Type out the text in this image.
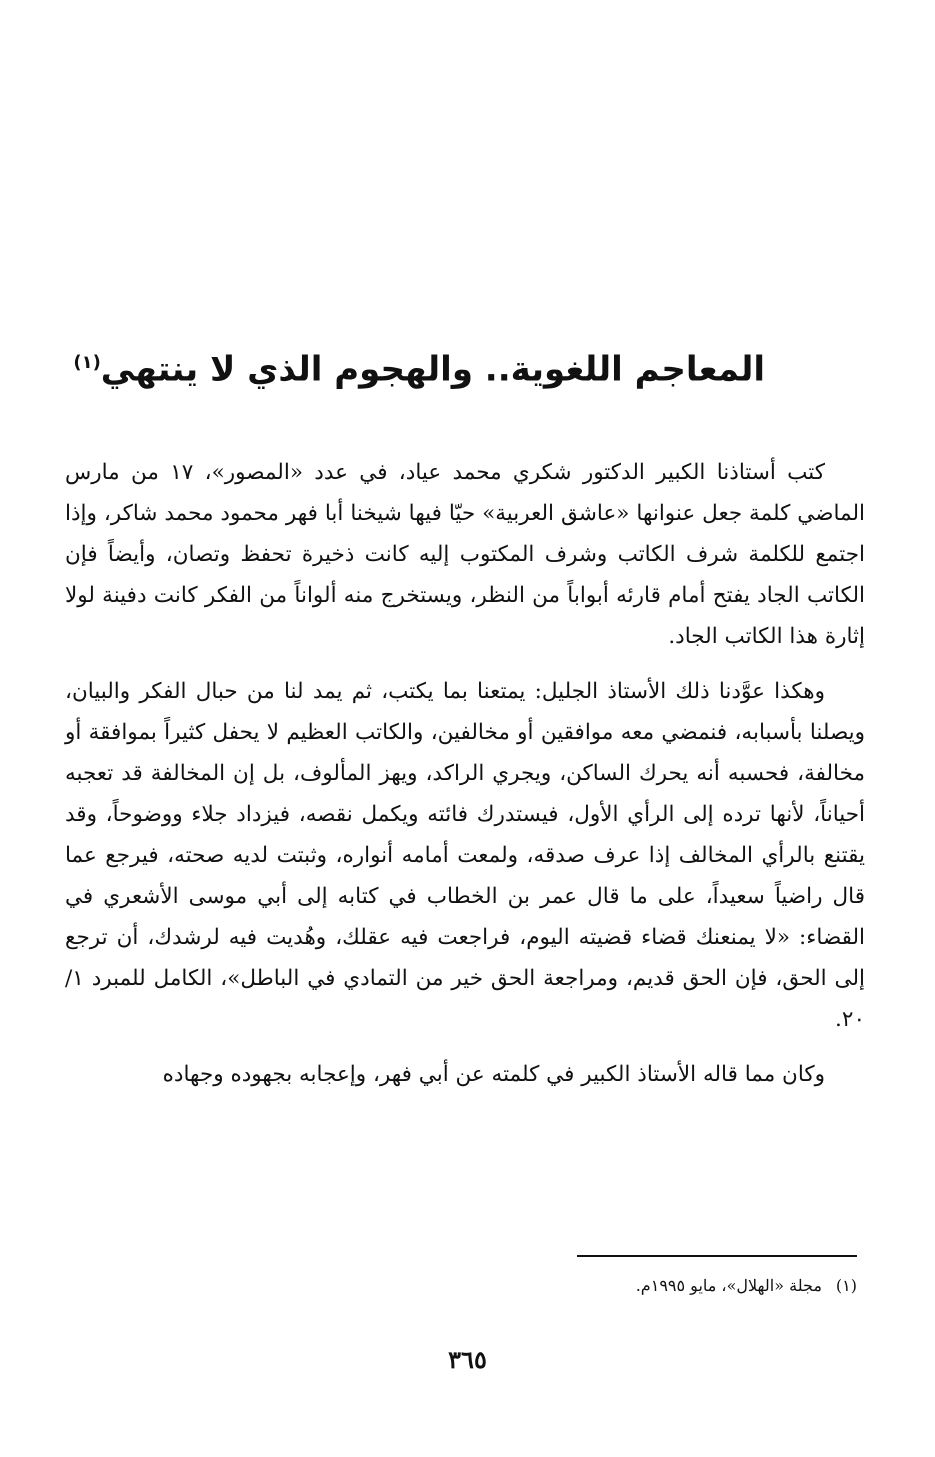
المعاجم اللغوية.. والهجوم الذي لا ينتهي$^{(١)}$

كتب أستاذنا الكبير الدكتور شكري محمد عياد، في عدد «المصور»، ١٧ من مارس الماضي كلمة جعل عنوانها «عاشق العربية» حيّا فيها شيخنا أبا فهر محمود محمد شاكر، وإذا اجتمع للكلمة شرف الكاتب وشرف المكتوب إليه كانت ذخيرة تحفظ وتصان، وأيضاً فإن الكاتب الجاد يفتح أمام قارئه أبواباً من النظر، ويستخرج منه ألواناً من الفكر كانت دفينة لولا إثارة هذا الكاتب الجاد.

وهكذا عوَّدنا ذلك الأستاذ الجليل: يمتعنا بما يكتب، ثم يمد لنا من حبال الفكر والبيان، ويصلنا بأسبابه، فنمضي معه موافقين أو مخالفين، والكاتب العظيم لا يحفل كثيراً بموافقة أو مخالفة، فحسبه أنه يحرك الساكن، ويجري الراكد، ويهز المألوف، بل إن المخالفة قد تعجبه أحياناً، لأنها ترده إلى الرأي الأول، فيستدرك فائته ويكمل نقصه، فيزداد جلاء ووضوحاً، وقد يقتنع بالرأي المخالف إذا عرف صدقه، ولمعت أمامه أنواره، وثبتت لديه صحته، فيرجع عما قال راضياً سعيداً، على ما قال عمر بن الخطاب في كتابه إلى أبي موسى الأشعري في القضاء: «لا يمنعنك قضاء قضيته اليوم، فراجعت فيه عقلك، وهُديت فيه لرشدك، أن ترجع إلى الحق، فإن الحق قديم، ومراجعة الحق خير من التمادي في الباطل»، الكامل للمبرد ١/ ٢٠.

وكان مما قاله الأستاذ الكبير في كلمته عن أبي فهر، وإعجابه بجهوده وجهاده

(١)مجلة «الهلال»، مايو ١٩٩٥م.
٣٦٥
